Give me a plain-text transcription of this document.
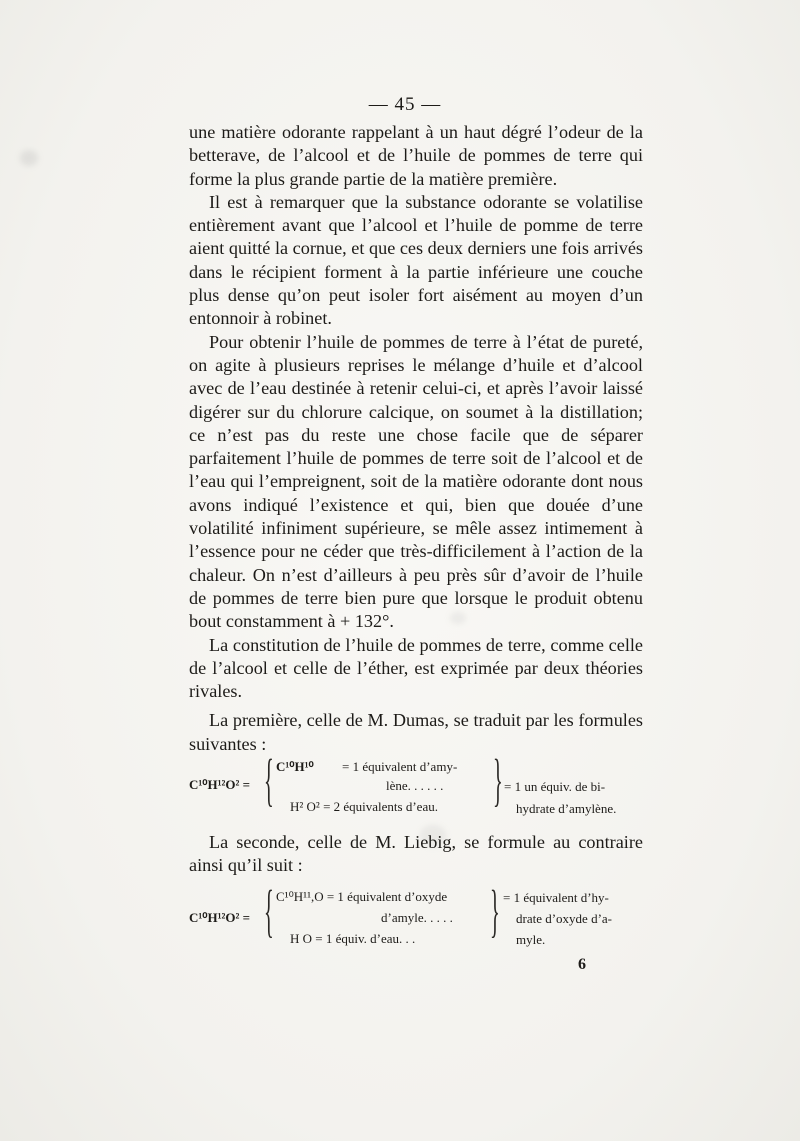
— 45 —

une matière odorante rappelant à un haut dégré l’odeur de la betterave, de l’alcool et de l’huile de pommes de terre qui forme la plus grande partie de la matière première.

Il est à remarquer que la substance odorante se volatilise entièrement avant que l’alcool et l’huile de pomme de terre aient quitté la cornue, et que ces deux derniers une fois arrivés dans le récipient forment à la partie inférieure une couche plus dense qu’on peut isoler fort aisément au moyen d’un entonnoir à robinet.

Pour obtenir l’huile de pommes de terre à l’état de pureté, on agite à plusieurs reprises le mélange d’huile et d’alcool avec de l’eau destinée à retenir celui-ci, et après l’avoir laissé digérer sur du chlorure calcique, on soumet à la distillation; ce n’est pas du reste une chose facile que de séparer parfaitement l’huile de pommes de terre soit de l’alcool et de l’eau qui l’empreignent, soit de la matière odorante dont nous avons indiqué l’existence et qui, bien que douée d’une volatilité infiniment supérieure, se mêle assez intimement à l’essence pour ne céder que très-difficilement à l’action de la chaleur. On n’est d’ailleurs à peu près sûr d’avoir de l’huile de pommes de terre bien pure que lorsque le produit obtenu bout constamment à + 132°.

La constitution de l’huile de pommes de terre, comme celle de l’alcool et celle de l’éther, est exprimée par deux théories rivales.

La première, celle de M. Dumas, se traduit par les formules suivantes :

C¹⁰H¹²O² = { C¹⁰H¹⁰ = 1 équivalent d’amy-
lène. . . . . .
H² O² = 2 équivalents d’eau. } = 1 un équiv. de bi-
hydrate d’amylène.

La seconde, celle de M. Liebig, se formule au contraire ainsi qu’il suit :

C¹⁰H¹²O² = { C¹⁰H¹¹,O = 1 équivalent d’oxyde
d’amyle. . . . .
H O = 1 équiv. d’eau. . . } = 1 équivalent d’hy-
drate d’oxyde d’a-
myle.
6
